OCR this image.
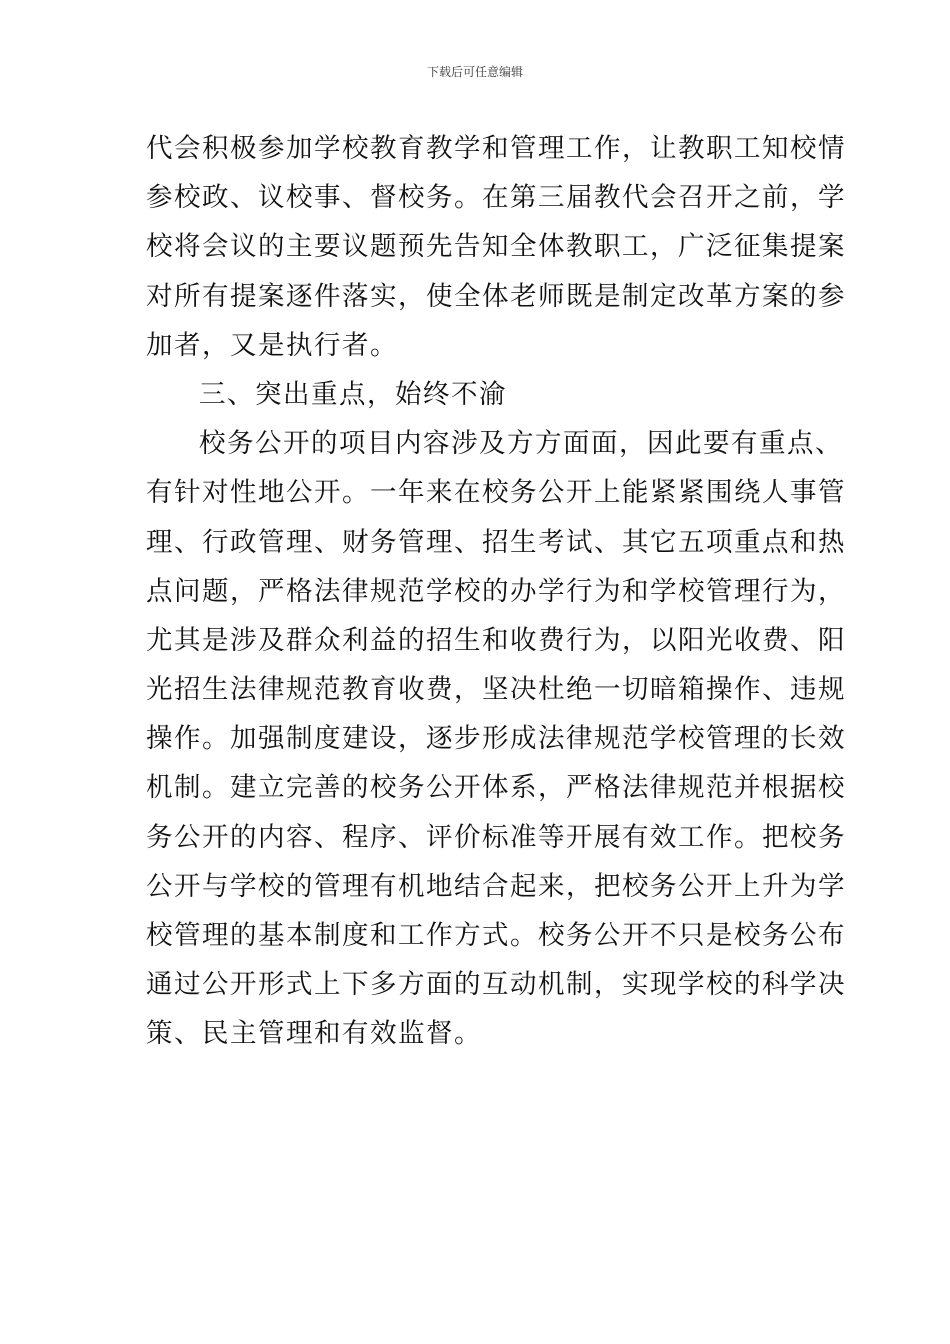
下载后可任意编辑
代会积极参加学校教育教学和管理工作，让教职工知校情
参校政、议校事、督校务。在第三届教代会召开之前，学
校将会议的主要议题预先告知全体教职工，广泛征集提案
对所有提案逐件落实，使全体老师既是制定改革方案的参
加者，又是执行者。
三、突出重点，始终不渝
校务公开的项目内容涉及方方面面，因此要有重点、
有针对性地公开。一年来在校务公开上能紧紧围绕人事管
理、行政管理、财务管理、招生考试、其它五项重点和热
点问题，严格法律规范学校的办学行为和学校管理行为，
尤其是涉及群众利益的招生和收费行为，以阳光收费、阳
光招生法律规范教育收费，坚决杜绝一切暗箱操作、违规
操作。加强制度建设，逐步形成法律规范学校管理的长效
机制。建立完善的校务公开体系，严格法律规范并根据校
务公开的内容、程序、评价标准等开展有效工作。把校务
公开与学校的管理有机地结合起来，把校务公开上升为学
校管理的基本制度和工作方式。校务公开不只是校务公布
通过公开形式上下多方面的互动机制，实现学校的科学决
策、民主管理和有效监督。
